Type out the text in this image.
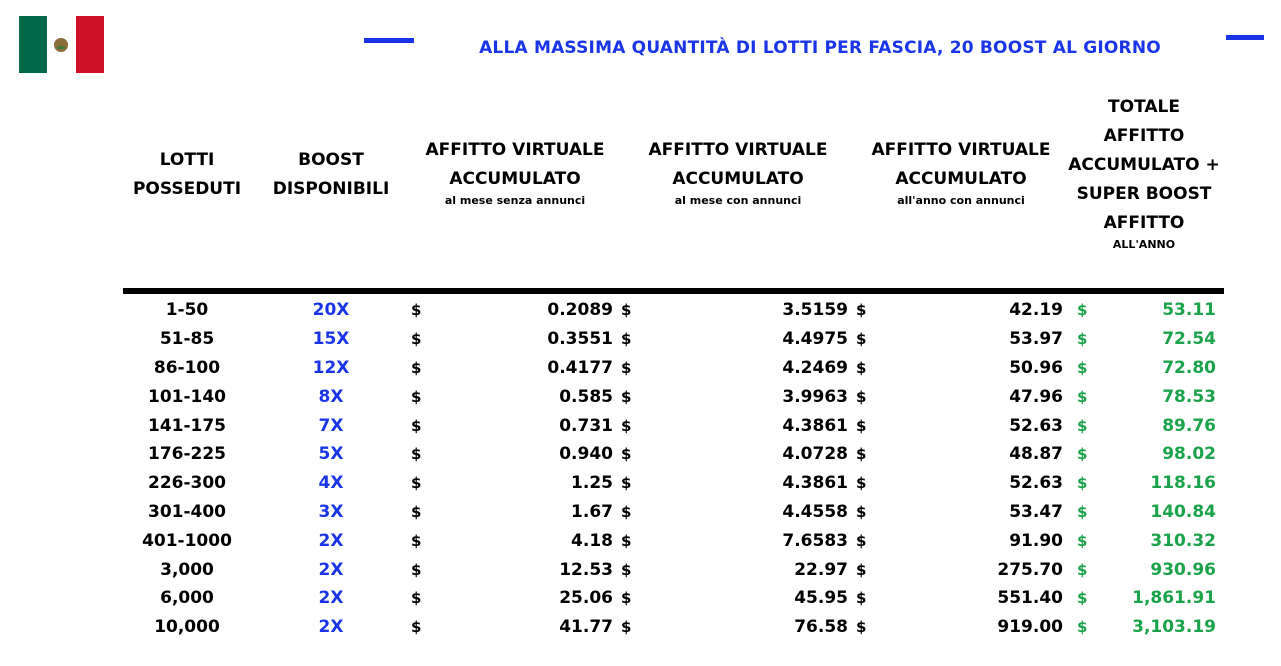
ALLA MASSIMA QUANTITÀ DI LOTTI PER FASCIA, 20 BOOST AL GIORNO
LOTTI POSSEDUTI
BOOST DISPONIBILI
AFFITTO VIRTUALE ACCUMULATO
al mese senza annunci
AFFITTO VIRTUALE ACCUMULATO
al mese con annunci
AFFITTO VIRTUALE ACCUMULATO
all'anno con annunci
TOTALE AFFITTO ACCUMULATO + SUPER BOOST AFFITTO
ALL'ANNO
1-50	20X	$ 0.2089	$ 3.5159	$ 42.19	$ 53.11

51-85	15X	$ 0.3551	$ 4.4975	$ 53.97	$ 72.54

86-100	12X	$ 0.4177	$ 4.2469	$ 50.96	$ 72.80

101-140	8X	$ 0.585	$ 3.9963	$ 47.96	$ 78.53

141-175	7X	$ 0.731	$ 4.3861	$ 52.63	$ 89.76

176-225	5X	$ 0.940	$ 4.0728	$ 48.87	$ 98.02

226-300	4X	$ 1.25	$ 4.3861	$ 52.63	$ 118.16

301-400	3X	$ 1.67	$ 4.4558	$ 53.47	$ 140.84

401-1000	2X	$ 4.18	$ 7.6583	$ 91.90	$ 310.32

3,000	2X	$ 12.53	$ 22.97	$ 275.70	$ 930.96

6,000	2X	$ 25.06	$ 45.95	$ 551.40	$ 1,861.91

10,000	2X	$ 41.77	$ 76.58	$ 919.00	$ 3,103.19
